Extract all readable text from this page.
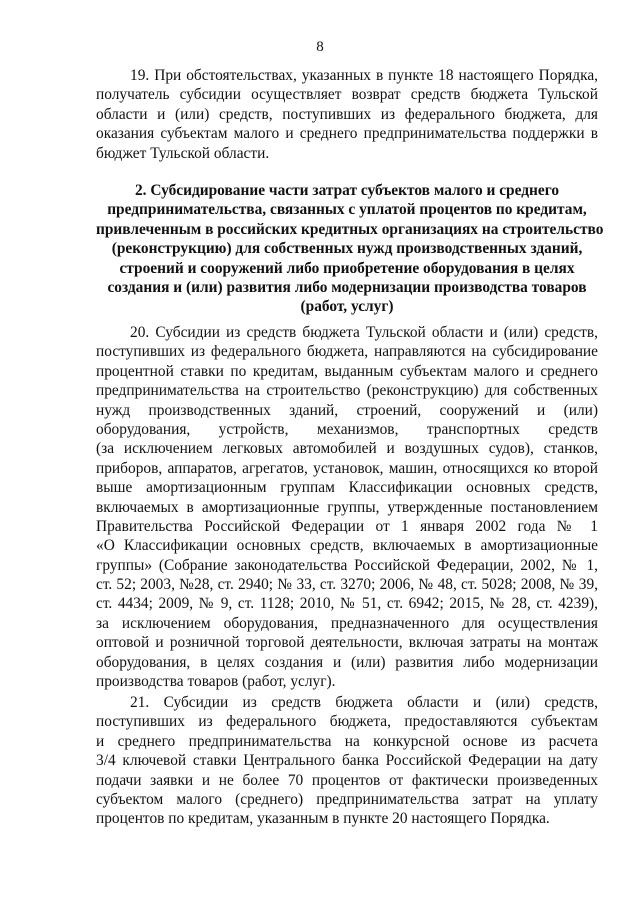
8

19. При обстоятельствах, указанных в пункте 18 настоящего Порядка,
получатель субсидии осуществляет возврат средств бюджета Тульской
области и (или) средств, поступивших из федерального бюджета, для
оказания субъектам малого и среднего предпринимательства поддержки в
бюджет Тульской области.

2. Субсидирование части затрат субъектов малого и среднего
предпринимательства, связанных с уплатой процентов по кредитам,
привлеченным в российских кредитных организациях на строительство
(реконструкцию) для собственных нужд производственных зданий,
строений и сооружений либо приобретение оборудования в целях
создания и (или) развития либо модернизации производства товаров
(работ, услуг)

20. Субсидии из средств бюджета Тульской области и (или) средств,
поступивших из федерального бюджета, направляются на субсидирование
процентной ставки по кредитам, выданным субъектам малого и среднего
предпринимательства на строительство (реконструкцию) для собственных
нужд производственных зданий, строений, сооружений и (или)
оборудования, устройств, механизмов, транспортных средств
(за исключением легковых автомобилей и воздушных судов), станков,
приборов, аппаратов, агрегатов, установок, машин, относящихся ко второй
выше амортизационным группам Классификации основных средств,
включаемых в амортизационные группы, утвержденные постановлением
Правительства Российской Федерации от 1 января 2002 года № 1
«О Классификации основных средств, включаемых в амортизационные
группы» (Собрание законодательства Российской Федерации, 2002, № 1,
ст. 52; 2003, №28, ст. 2940; № 33, ст. 3270; 2006, № 48, ст. 5028; 2008, № 39,
ст. 4434; 2009, № 9, ст. 1128; 2010, № 51, ст. 6942; 2015, № 28, ст. 4239),
за исключением оборудования, предназначенного для осуществления
оптовой и розничной торговой деятельности, включая затраты на монтаж
оборудования, в целях создания и (или) развития либо модернизации
производства товаров (работ, услуг).

21. Субсидии из средств бюджета области и (или) средств,
поступивших из федерального бюджета, предоставляются субъектам
и среднего предпринимательства на конкурсной основе из расчета
3/4 ключевой ставки Центрального банка Российской Федерации на дату
подачи заявки и не более 70 процентов от фактически произведенных
субъектом малого (среднего) предпринимательства затрат на уплату
процентов по кредитам, указанным в пункте 20 настоящего Порядка.
